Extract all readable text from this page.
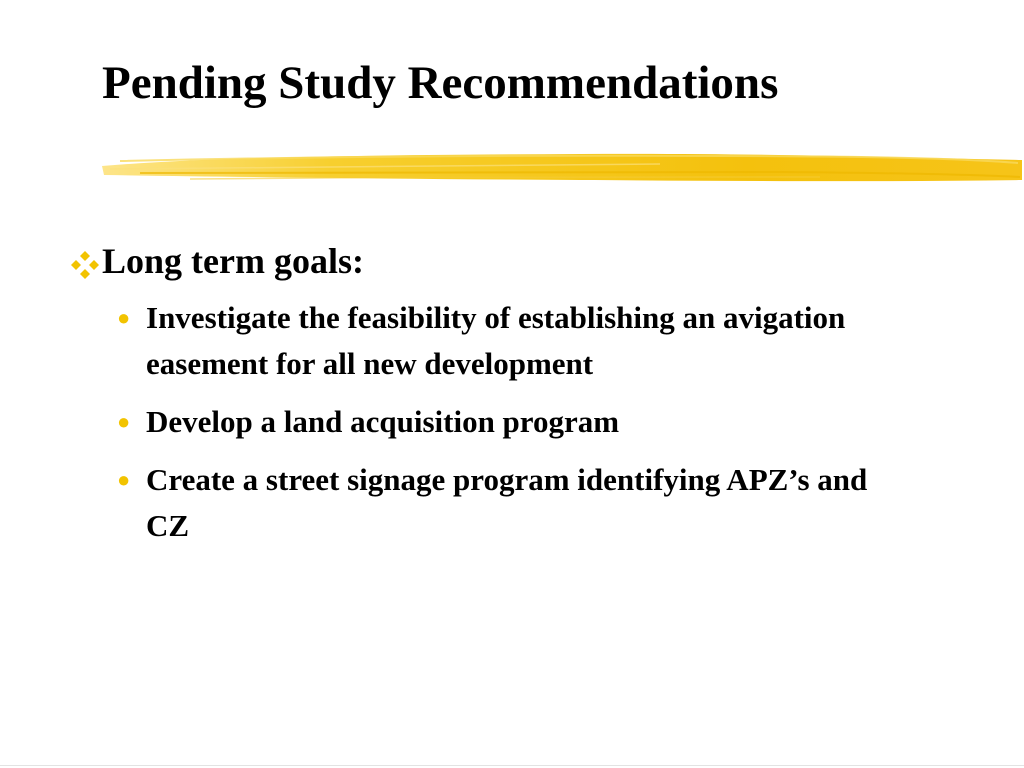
Pending Study Recommendations
Long term goals:
● Investigate the feasibility of establishing an avigation easement for all new development
● Develop a land acquisition program
● Create a street signage program identifying APZ’s and CZ
